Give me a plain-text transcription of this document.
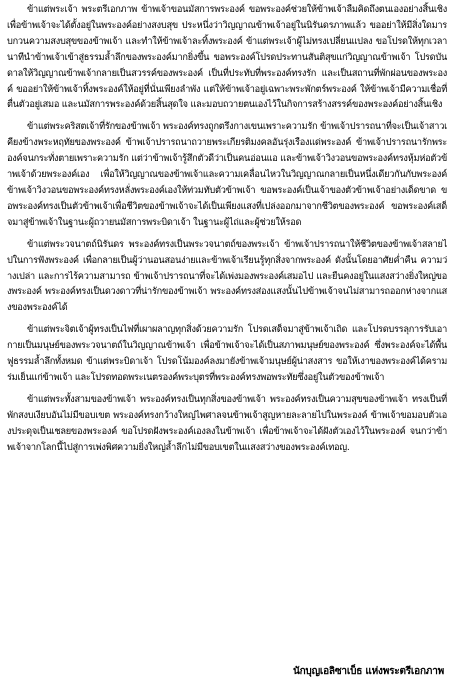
ข้าแต่พระเจ้า พระตรีเอกภาพ ข้าพเจ้าขอนมัสการพระองค์ ขอพระองค์ช่วยให้ข้าพเจ้าลืมคิดถึงตนเองอย่างสิ้นเชิง เพื่อข้าพเจ้าจะได้ตั้งอยู่ในพระองค์อย่างสงบสุข ประหนึ่งว่าวิญญาณข้าพเจ้าอยู่ในนิรันดรภาพแล้ว ขออย่าให้มีสิ่งใดมารบกวนความสงบสุขของข้าพเจ้า และทำให้ข้าพเจ้าละทิ้งพระองค์ ข้าแต่พระเจ้าผู้ไม่ทรงเปลี่ยนแปลง ขอโปรดให้ทุกเวลานาทีนำข้าพเจ้าเข้าสู่ธรรมล้ำลึกของพระองค์มากยิ่งขึ้น ขอพระองค์โปรดประทานสันติสุขแก่วิญญาณข้าพเจ้า โปรดบันดาลให้วิญญาณข้าพเจ้ากลายเป็นสวรรค์ของพระองค์ เป็นที่ประทับที่พระองค์ทรงรัก และเป็นสถานที่พักผ่อนของพระองค์ ขออย่าให้ข้าพเจ้าทิ้งพระองค์ให้อยู่ที่นั่นเพียงลำพัง แต่ให้ข้าพเจ้าอยู่เฉพาะพระพักตร์พระองค์ ให้ข้าพเจ้ามีความเชื่อที่ตื่นตัวอยู่เสมอ และนมัสการพระองค์ด้วยสิ้นสุดใจ และมอบถวายตนเองไว้ในกิจการสร้างสรรค์ของพระองค์อย่างสิ้นเชิง

ข้าแต่พระคริสตเจ้าที่รักของข้าพเจ้า พระองค์ทรงถูกตรึงกางเขนเพราะความรัก ข้าพเจ้าปรารถนาที่จะเป็นเจ้าสาวเคียงข้างพระหฤทัยของพระองค์ ข้าพเจ้าปรารถนาถวายพระเกียรติมงคลอันรุ่งเรืองแด่พระองค์ ข้าพเจ้าปรารถนารักพระองค์จนกระทั่งตายเพราะความรัก แต่ว่าข้าพเจ้ารู้สึกตัวดีว่าเป็นคนอ่อนแอ และข้าพเจ้าวิงวอนขอพระองค์ทรงหุ้มห่อตัวข้าพเจ้าด้วยพระองค์เอง เพื่อให้วิญญาณของข้าพเจ้าและความเคลื่อนไหวในวิญญาณกลายเป็นหนึ่งเดียวกันกับพระองค์ ข้าพเจ้าวิงวอนขอพระองค์ทรงหลั่งพระองค์เองให้ท่วมทับตัวข้าพเจ้า ขอพระองค์เป็นเจ้าของตัวข้าพเจ้าอย่างเด็ดขาด ขอพระองค์ทรงเป็นตัวข้าพเจ้าเพื่อชีวิตของข้าพเจ้าจะได้เป็นเพียงแสงที่เปล่งออกมาจากชีวิตของพระองค์ ขอพระองค์เสด็จมาสู่ข้าพเจ้าในฐานะผู้ถวายนมัสการพระบิดาเจ้า ในฐานะผู้ไถ่และผู้ช่วยให้รอด

ข้าแต่พระวจนาตถ์นิรันดร พระองค์ทรงเป็นพระวจนาตถ์ของพระเจ้า ข้าพเจ้าปรารถนาให้ชีวิตของข้าพเจ้าสลายไปในการฟังพระองค์ เพื่อกลายเป็นผู้ว่านอนสอนง่ายและข้าพเจ้าเรียนรู้ทุกสิ่งจากพระองค์ ดังนั้นโดยอาศัยค่ำคืน ความว่างเปล่า และการไร้ความสามารถ ข้าพเจ้าปรารถนาที่จะได้เพ่งมองพระองค์เสมอไป และยืนคงอยู่ในแสงสว่างยิ่งใหญ่ของพระองค์ พระองค์ทรงเป็นดวงดาวที่น่ารักของข้าพเจ้า พระองค์ทรงส่องแสงนั้นไปข้าพเจ้าจนไม่สามารถออกห่างจากแสงของพระองค์ได้

ข้าแต่พระจิตเจ้าผู้ทรงเป็นไฟที่เผาผลาญทุกสิ่งด้วยความรัก โปรดเสด็จมาสู่ข้าพเจ้าเถิด และโปรดบรรลุการรับเอากายเป็นมนุษย์ของพระวจนาตถ์ในวิญญาณข้าพเจ้า เพื่อข้าพเจ้าจะได้เป็นสภาพมนุษย์ของพระองค์ ซึ่งพระองค์จะได้พื้นฟูธรรมล้ำลึกทั้งหมด ข้าแต่พระบิดาเจ้า โปรดโน้มองค์ลงมายังข้าพเจ้ามนุษย์ผู้น่าสงสาร ขอให้เงาของพระองค์ได้ครามร่มเย็นแก่ข้าพเจ้า และโปรดทอดพระเนตรองค์พระบุตรที่พระองค์ทรงพอพระทัยซึ่งอยู่ในตัวของข้าพเจ้า

ข้าแต่พระทั้งสามของข้าพเจ้า พระองค์ทรงเป็นทุกสิ่งของข้าพเจ้า พระองค์ทรงเป็นความสุขของข้าพเจ้า ทรงเป็นที่พักสงบเงียบอันไม่มีขอบเขต พระองค์ทรงกว้างใหญ่ไพศาลจนข้าพเจ้าสูญหายละลายไปในพระองค์ ข้าพเจ้าขอมอบตัวเองประดุจเป็นเชลยของพระองค์ ขอโปรดฝังพระองค์เองลงในข้าพเจ้า เพื่อข้าพเจ้าจะได้ฝังตัวเองไว้ในพระองค์ จนกว่าข้าพเจ้าจากโลกนี้ไปสู่การเพ่งพิศความยิ่งใหญ่ล้ำลึกไม่มีขอบเขตในแสงสว่างของพระองค์เทอญ.

นักบุญเอลิซาเบ็ธ แห่งพระตรีเอกภาพ
